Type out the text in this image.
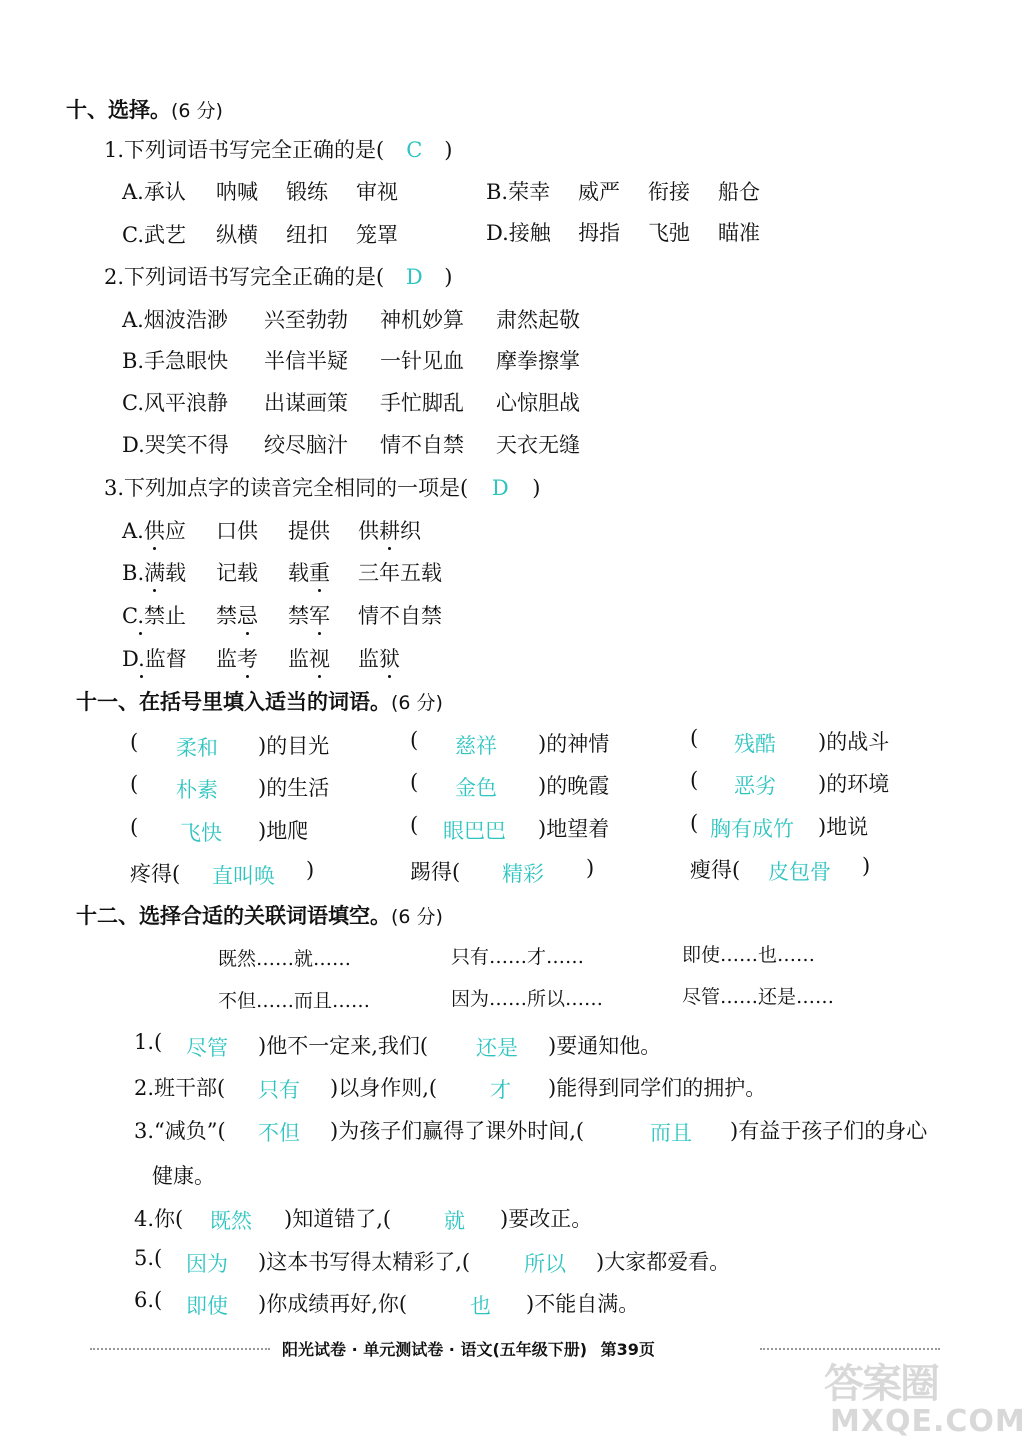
十、选择。(6 分)
1.下列词语书写完全正确的是( C )
A.承认 呐喊 锻练 审视	B.荣幸 威严 衔接 船仓
C.武艺 纵横 纽扣 笼罩	D.接触 拇指 飞弛 瞄准
2.下列词语书写完全正确的是( D )
A.烟波浩渺 兴至勃勃 神机妙算 肃然起敬
B.手急眼快 半信半疑 一针见血 摩拳擦掌
C.风平浪静 出谋画策 手忙脚乱 心惊胆战
D.哭笑不得 绞尽脑汁 情不自禁 天衣无缝
3.下列加点字的读音完全相同的一项是( D )
A.供应 口供 提供 供耕织
B.满载 记载 载重 三年五载
C.禁止 禁忌 禁军 情不自禁
D.监督 监考 监视 监狱
十一、在括号里填入适当的词语。(6 分)
( 柔和 )的目光	( 慈祥 )的神情	( 残酷 )的战斗
( 朴素 )的生活	( 金色 )的晚霞	( 恶劣 )的环境
( 飞快 )地爬	( 眼巴巴 )地望着	( 胸有成竹 )地说
疼得( 直叫唤 )	踢得( 精彩 )	瘦得( 皮包骨 )
十二、选择合适的关联词语填空。(6 分)
既然……就……	只有……才……	即使……也……
不但……而且……	因为……所以……	尽管……还是……
1.( 尽管 )他不一定来,我们( 还是 )要通知他。
2.班干部( 只有 )以身作则,(	才 )能得到同学们的拥护。
3.“减负”( 不但 )为孩子们赢得了课外时间,(	而且 )有益于孩子们的身心
健康。
4.你( 既然 )知道错了,(	就 )要改正。
5.( 因为 )这本书写得太精彩了,(	所以 )大家都爱看。
6.( 即使 )你成绩再好,你(	也 )不能自满。
阳光试卷 · 单元测试卷 · 语文(五年级下册) 第39页
答案圈
MXQE.COM
